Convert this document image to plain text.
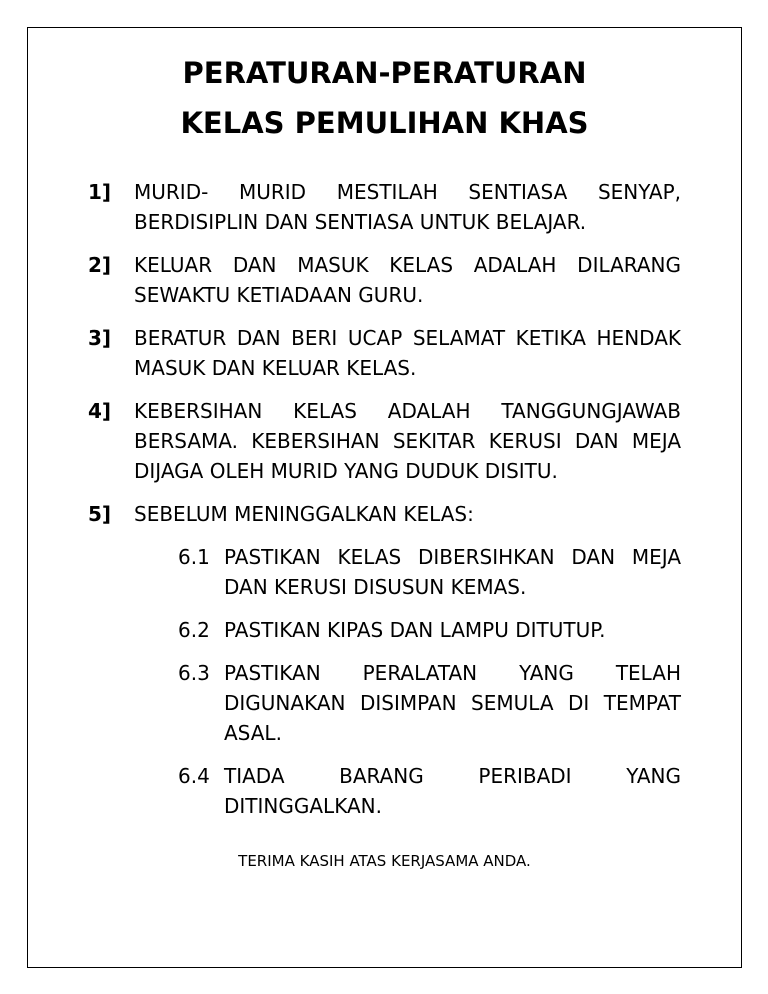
PERATURAN-PERATURAN
KELAS PEMULIHAN KHAS
1] MURID- MURID MESTILAH SENTIASA SENYAP, BERDISIPLIN DAN SENTIASA UNTUK BELAJAR.
2] KELUAR DAN MASUK KELAS ADALAH DILARANG SEWAKTU KETIADAAN GURU.
3] BERATUR DAN BERI UCAP SELAMAT KETIKA HENDAK MASUK DAN KELUAR KELAS.
4] KEBERSIHAN KELAS ADALAH TANGGUNGJAWAB BERSAMA. KEBERSIHAN SEKITAR KERUSI DAN MEJA DIJAGA OLEH MURID YANG DUDUK DISITU.
5] SEBELUM MENINGGALKAN KELAS:
6.1 PASTIKAN KELAS DIBERSIHKAN DAN MEJA DAN KERUSI DISUSUN KEMAS.
6.2 PASTIKAN KIPAS DAN LAMPU DITUTUP.
6.3 PASTIKAN PERALATAN YANG TELAH DIGUNAKAN DISIMPAN SEMULA DI TEMPAT ASAL.
6.4 TIADA BARANG PERIBADI YANG DITINGGALKAN.
TERIMA KASIH ATAS KERJASAMA ANDA.
